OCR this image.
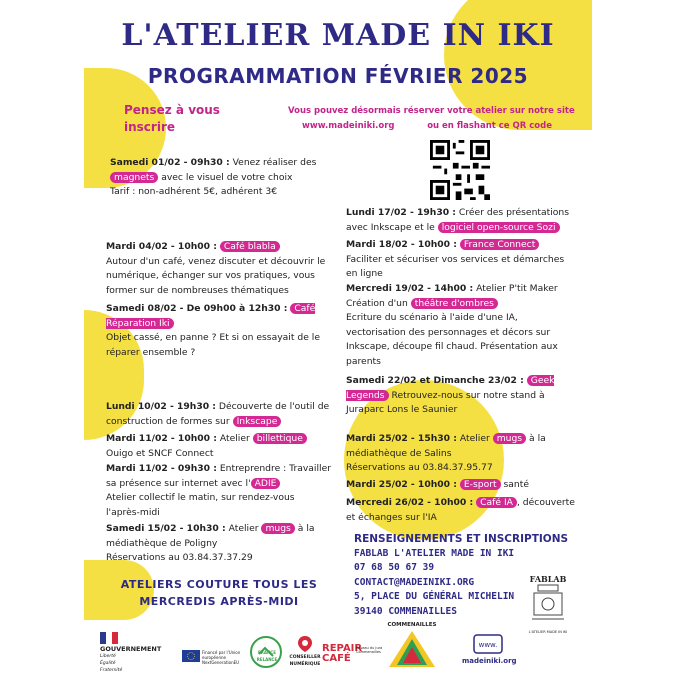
L'ATELIER MADE IN IKI
PROGRAMMATION FÉVRIER 2025
Pensez à vous inscrire
Vous pouvez désormais réserver votre atelier sur notre site
www.madeiniki.org	ou en flashant ce QR code
Samedi 01/02 - 09h30 : Venez réaliser des magnets avec le visuel de votre choix
Tarif : non-adhérent 5€, adhérent 3€
Mardi 04/02 - 10h00 : Café blabla
Autour d'un café, venez discuter et découvrir le numérique, échanger sur vos pratiques, vous former sur de nombreuses thématiques
Samedi 08/02 - De 09h00 à 12h30 : Café Réparation Iki
Objet cassé, en panne ? Et si on essayait de le réparer ensemble ?
Lundi 10/02 - 19h30 : Découverte de l'outil de construction de formes sur Inkscape
Mardi 11/02 - 10h00 : Atelier billettique Ouigo et SNCF Connect
Mardi 11/02 - 09h30 : Entreprendre : Travailler sa présence sur internet avec l' ADIE
Atelier collectif le matin, sur rendez-vous l'après-midi
Samedi 15/02 - 10h30 : Atelier mugs à la médiathèque de Poligny
Réservations au 03.84.37.37.29
Lundi 17/02 - 19h30 : Créer des présentations avec Inkscape et le logiciel open-source Sozi
Mardi 18/02 - 10h00 : France Connect
Faciliter et sécuriser vos services et démarches en ligne
Mercredi 19/02 - 14h00 : Atelier P'tit Maker Création d'un théâtre d'ombres
Ecriture du scénario à l'aide d'une IA, vectorisation des personnages et décors sur Inkscape, découpe fil chaud. Présentation aux parents
Samedi 22/02 et Dimanche 23/02 : Geek Legends Retrouvez-nous sur notre stand à Juraparc Lons le Saunier
Mardi 25/02 - 15h30 : Atelier mugs à la médiathèque de Salins
Réservations au 03.84.37.95.77
Mardi 25/02 - 10h00 : E-sport santé
Mercredi 26/02 - 10h00 : Café IA , découverte et échanges sur l'IA
ATELIERS COUTURE TOUS LES MERCREDIS APRÈS-MIDI
RENSEIGNEMENTS ET INSCRIPTIONS
FABLAB L'ATELIER MADE IN IKI
07 68 50 67 39
CONTACT@MADEINIKI.ORG
5, PLACE DU GÉNÉRAL MICHELIN
39140 COMMENAILLES
GOUVERNEMENT
Liberté Égalité Fraternité
Financé par l'Union européenne NextGenerationEU
FRANCE RELANCE	CONSEILLER NUMÉRIQUE
REPAIR CAFÉ
Réseau du Jura Commenailles
COMMENAILLES
www.
madeiniki.org
FABLAB
L'ATELIER MADE IN IKI
